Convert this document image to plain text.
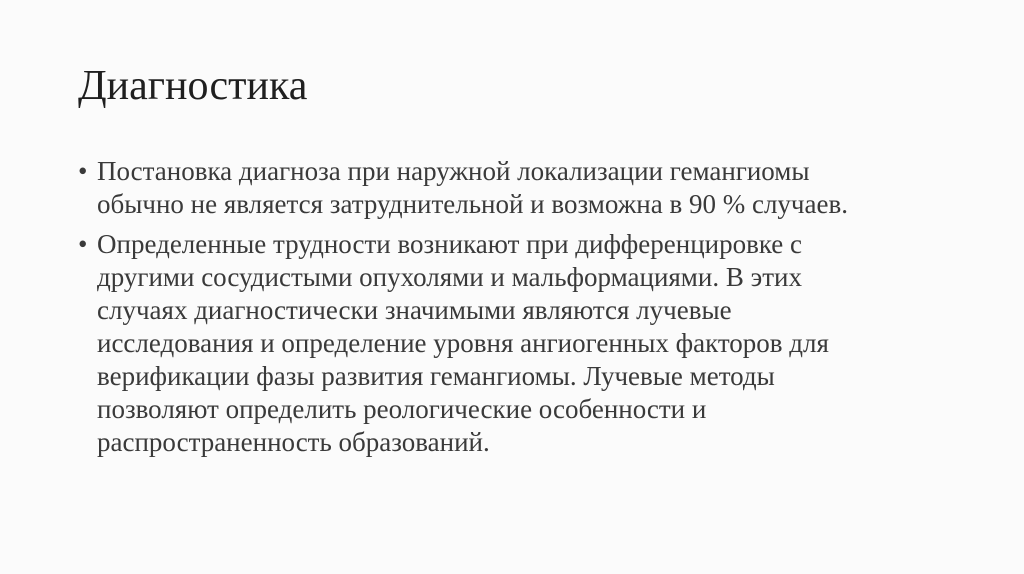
Диагностика
• Постановка диагноза при наружной локализации гемангиомы
обычно не является затруднительной и возможна в 90 % случаев.
• Определенные трудности возникают при дифференцировке с
другими сосудистыми опухолями и мальформациями. В этих
случаях диагностически значимыми являются лучевые
исследования и определение уровня ангиогенных факторов для
верификации фазы развития гемангиомы. Лучевые методы
позволяют определить реологические особенности и
распространенность образований.
